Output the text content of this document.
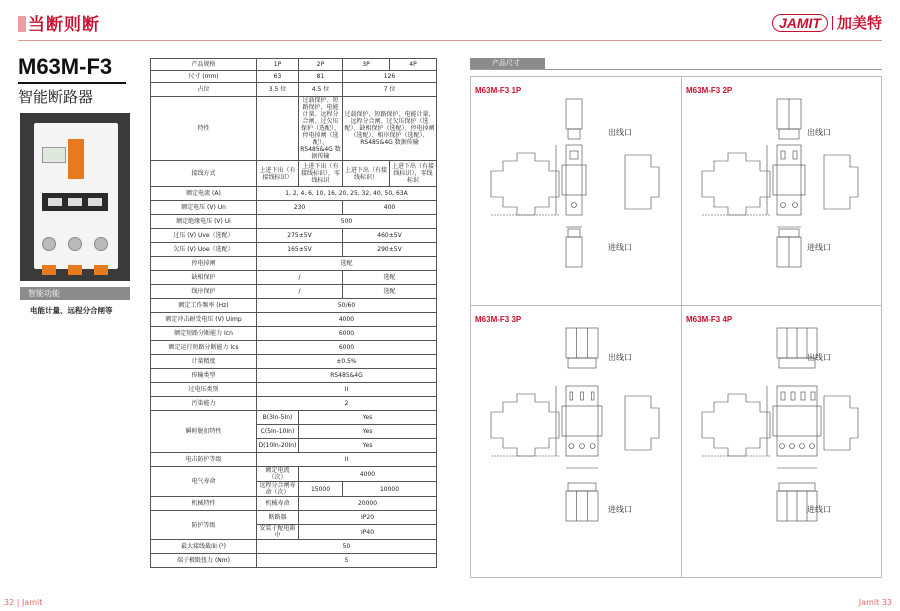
当断则断
M63M-F3
智能断路器
智能功能
电能计量、远程分合闸等
产品规格	1P	2P	3P	4P
尺寸 (mm)	63	81	126	
占位	3.5 位	4.5 位	7 位	
特性		过载保护、短路保护、电能计量、远程分合闸、过欠压保护（选配）、停电掉闸（选配）、RS485&4G 数据传输	过载保护、短路保护、电能计量、远程分合闸、过欠压保护（选配）、缺相保护（选配）、停电掉闸（选配）、相序保护（选配）、RS485&4G 数据传输	
接线方式	上进下出（有接线标识）	上进下出（有接线标识），零线标识	上进下出（有接线标识）	上进下出（有接线标识），零线标识
额定电流 (A)	1, 2, 4, 6, 10, 16, 20, 25, 32, 40, 50, 63A			
额定电压 (V) Un	230		400	
额定绝缘电压 (V) Ui	500			
过压 (V) Uve（选配）	275±5V		460±5V	
欠压 (V) Uoe（选配）	165±5V		290±5V	
停电掉闸	选配			
缺相保护	/		选配	
线序保护	/		选配	
额定工作频率 (Hz)	50/60			
额定冲击耐受电压 (V) Uimp	4000			
额定短路分断能力 Icn	6000			
额定运行短路分断能力 Ics	6000			
计量精度	±0.5%			
传输类型	RS485&4G			
过电压类别	II			
污染能力	2			
瞬时脱扣特性	B(3In-5In)	Yes		
	C(5In-10In)	Yes		
	D(10In-20In)	Yes		
电击防护等级	II			
电气寿命	额定电流（次）	4000		
	远程分合闸寿命（次）	15000	10000	
机械特性	机械寿命	20000		
防护等级	断路器	IP20		
	安装于配电箱中	IP40		
最大接线截面 (²)	50			
端子极限扭力 (Nm)	5			
32 | Jamit
JAMIT	加美特
产品尺寸
M63M-F3 1P
出线口
进线口
M63M-F3 2P
出线口
进线口
M63M-F3 3P
出线口
进线口
M63M-F3 4P
出线口
进线口
Jamit 33
